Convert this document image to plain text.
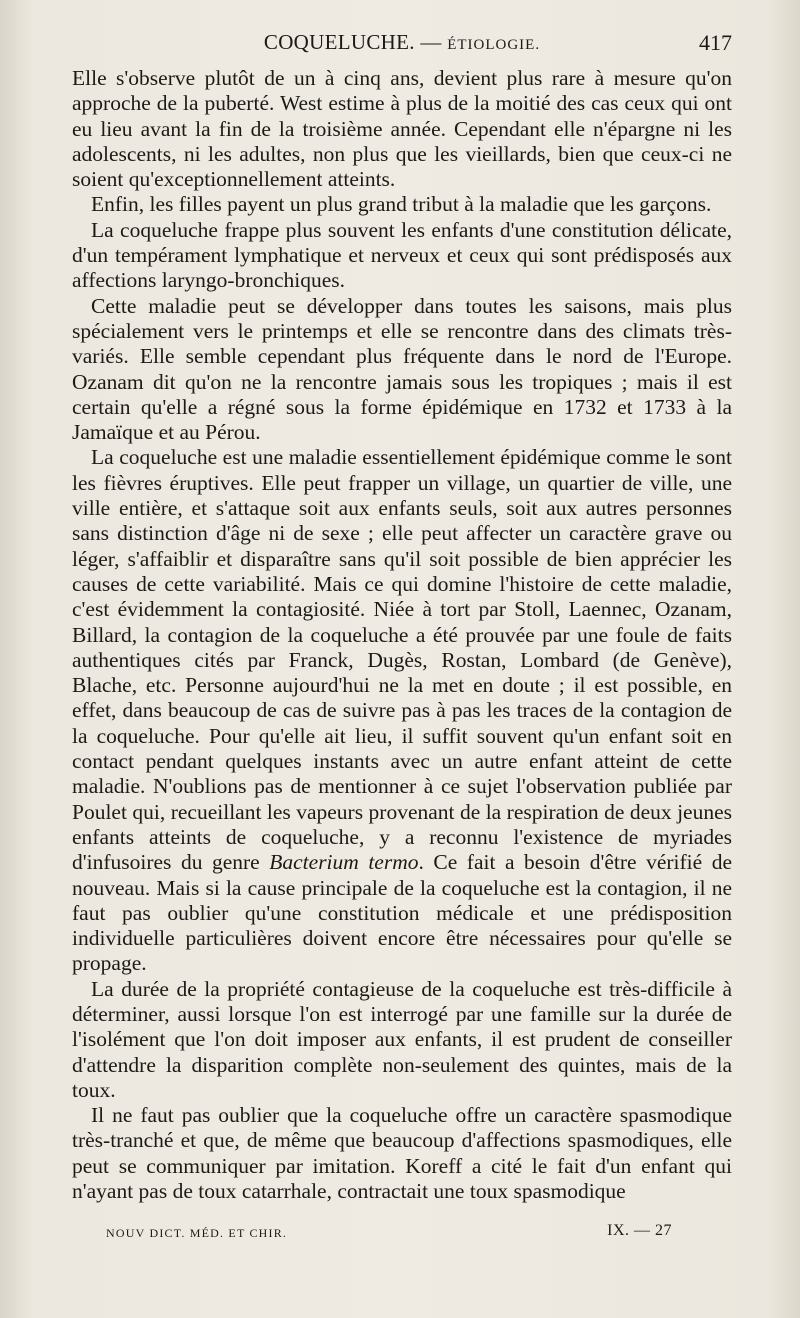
COQUELUCHE. — ÉTIOLOGIE.	417

Elle s'observe plutôt de un à cinq ans, devient plus rare à mesure qu'on approche de la puberté. West estime à plus de la moitié des cas ceux qui ont eu lieu avant la fin de la troisième année. Cependant elle n'épargne ni les adolescents, ni les adultes, non plus que les vieillards, bien que ceux-ci ne soient qu'exceptionnellement atteints.

Enfin, les filles payent un plus grand tribut à la maladie que les garçons.

La coqueluche frappe plus souvent les enfants d'une constitution délicate, d'un tempérament lymphatique et nerveux et ceux qui sont prédisposés aux affections laryngo-bronchiques.

Cette maladie peut se développer dans toutes les saisons, mais plus spécialement vers le printemps et elle se rencontre dans des climats très-variés. Elle semble cependant plus fréquente dans le nord de l'Europe. Ozanam dit qu'on ne la rencontre jamais sous les tropiques ; mais il est certain qu'elle a régné sous la forme épidémique en 1732 et 1733 à la Jamaïque et au Pérou.

La coqueluche est une maladie essentiellement épidémique comme le sont les fièvres éruptives. Elle peut frapper un village, un quartier de ville, une ville entière, et s'attaque soit aux enfants seuls, soit aux autres personnes sans distinction d'âge ni de sexe ; elle peut affecter un caractère grave ou léger, s'affaiblir et disparaître sans qu'il soit possible de bien apprécier les causes de cette variabilité. Mais ce qui domine l'histoire de cette maladie, c'est évidemment la contagiosité. Niée à tort par Stoll, Laennec, Ozanam, Billard, la contagion de la coqueluche a été prouvée par une foule de faits authentiques cités par Franck, Dugès, Rostan, Lombard (de Genève), Blache, etc. Personne aujourd'hui ne la met en doute ; il est possible, en effet, dans beaucoup de cas de suivre pas à pas les traces de la contagion de la coqueluche. Pour qu'elle ait lieu, il suffit souvent qu'un enfant soit en contact pendant quelques instants avec un autre enfant atteint de cette maladie. N'oublions pas de mentionner à ce sujet l'observation publiée par Poulet qui, recueillant les vapeurs provenant de la respiration de deux jeunes enfants atteints de coqueluche, y a reconnu l'existence de myriades d'infusoires du genre Bacterium termo. Ce fait a besoin d'être vérifié de nouveau. Mais si la cause principale de la coqueluche est la contagion, il ne faut pas oublier qu'une constitution médicale et une prédisposition individuelle particulières doivent encore être nécessaires pour qu'elle se propage.

La durée de la propriété contagieuse de la coqueluche est très-difficile à déterminer, aussi lorsque l'on est interrogé par une famille sur la durée de l'isolément que l'on doit imposer aux enfants, il est prudent de conseiller d'attendre la disparition complète non-seulement des quintes, mais de la toux.

Il ne faut pas oublier que la coqueluche offre un caractère spasmodique très-tranché et que, de même que beaucoup d'affections spasmodiques, elle peut se communiquer par imitation. Koreff a cité le fait d'un enfant qui n'ayant pas de toux catarrhale, contractait une toux spasmodique

NOUV DICT. MÉD. ET CHIR.	IX. — 27
